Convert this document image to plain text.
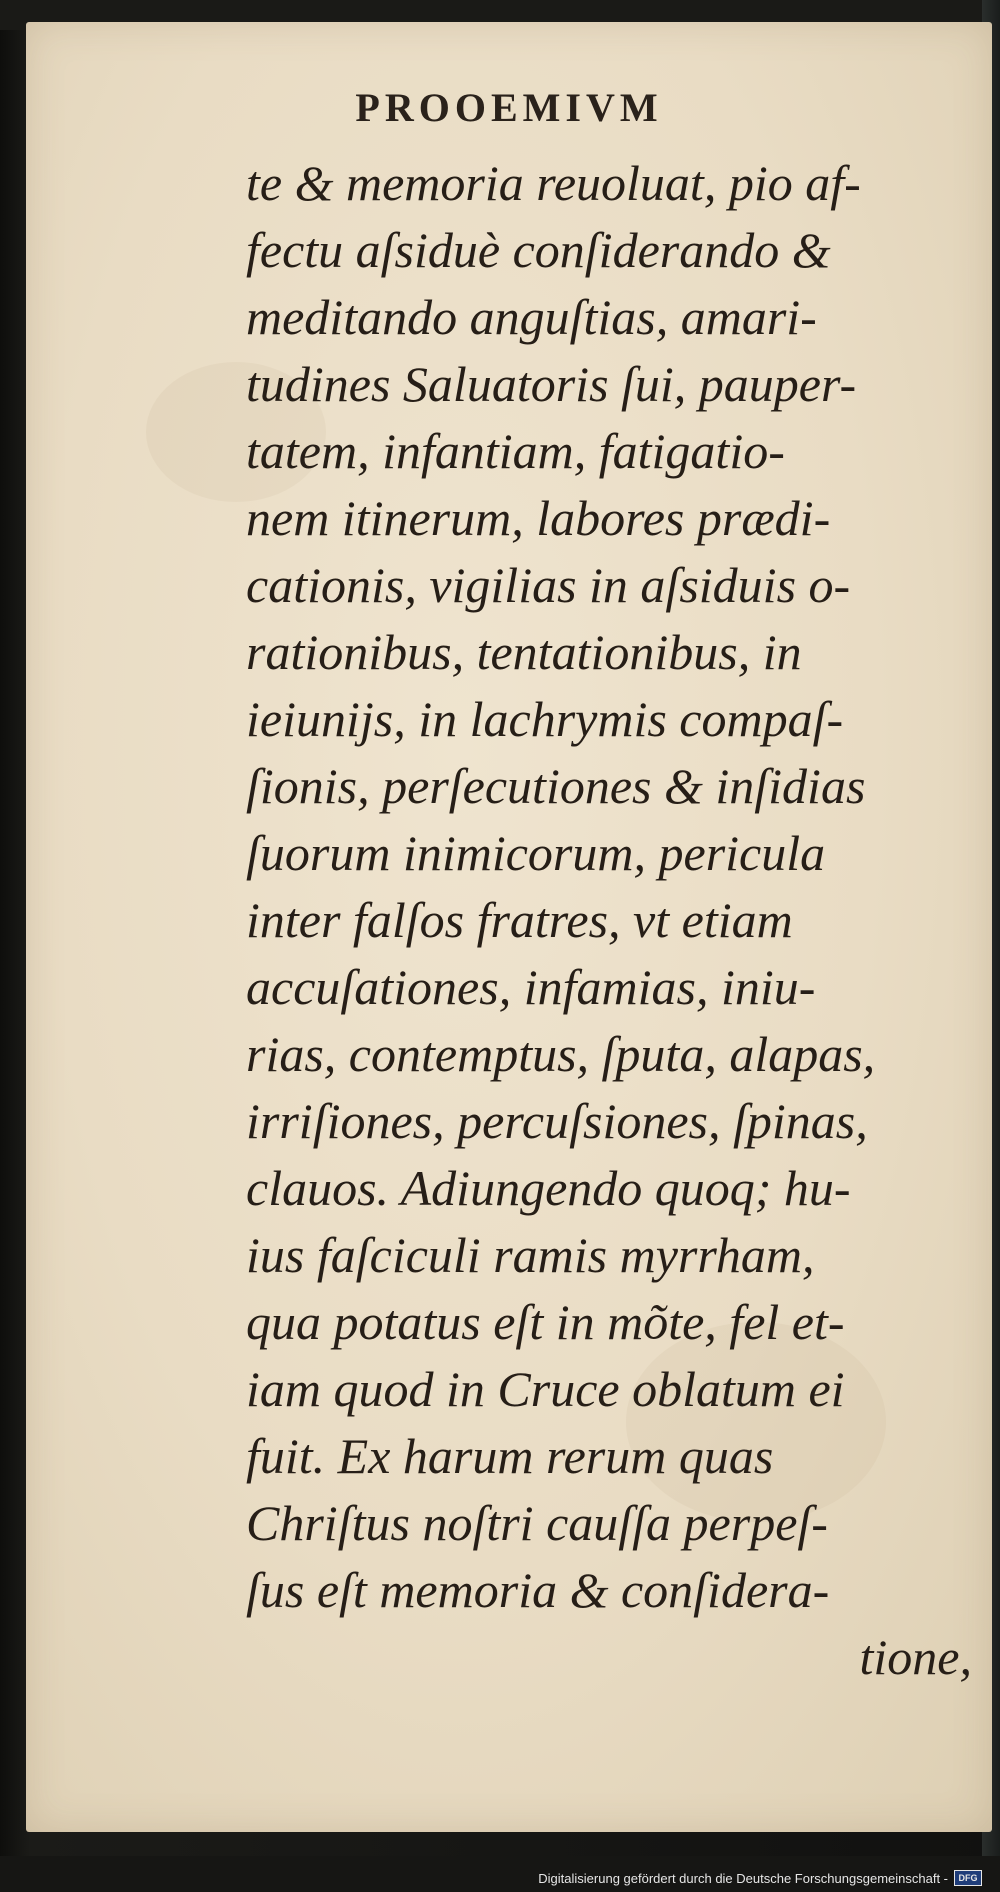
PROOEMIVM
te & memoria reuoluat, pio af-
fectu aſsiduè conſiderando &
meditando anguſtias, amari-
tudines Saluatoris ſui, pauper-
tatem, infantiam, fatigatio-
nem itinerum, labores prædi-
cationis, vigilias in aſsiduis o-
rationibus, tentationibus, in
ieiunijs, in lachrymis compaſ-
ſionis, perſecutiones & inſidias
ſuorum inimicorum, pericula
inter falſos fratres, vt etiam
accuſationes, infamias, iniu-
rias, contemptus, ſputa, alapas,
irriſiones, percuſsiones, ſpinas,
clauos. Adiungendo quoq; hu-
ius faſciculi ramis myrrham,
qua potatus eſt in mõte, fel et-
iam quod in Cruce oblatum ei
fuit. Ex harum rerum quas
Chriſtus noſtri cauſſa perpeſ-
ſus eſt memoria & conſidera-
tione,
Digitalisierung gefördert durch die Deutsche Forschungsgemeinschaft -	DFG
